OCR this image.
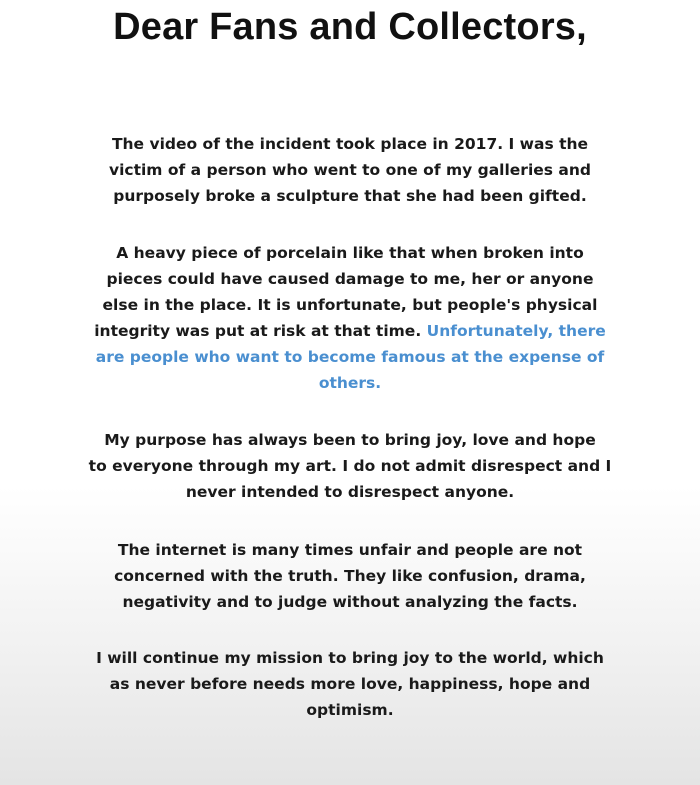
Dear Fans and Collectors,

The video of the incident took place in 2017. I was the
victim of a person who went to one of my galleries and
purposely broke a sculpture that she had been gifted.

A heavy piece of porcelain like that when broken into
pieces could have caused damage to me, her or anyone
else in the place. It is unfortunate, but people's physical
integrity was put at risk at that time. Unfortunately, there
are people who want to become famous at the expense of
others.

My purpose has always been to bring joy, love and hope
to everyone through my art. I do not admit disrespect and I
never intended to disrespect anyone.

The internet is many times unfair and people are not
concerned with the truth. They like confusion, drama,
negativity and to judge without analyzing the facts.

I will continue my mission to bring joy to the world, which
as never before needs more love, happiness, hope and
optimism.
